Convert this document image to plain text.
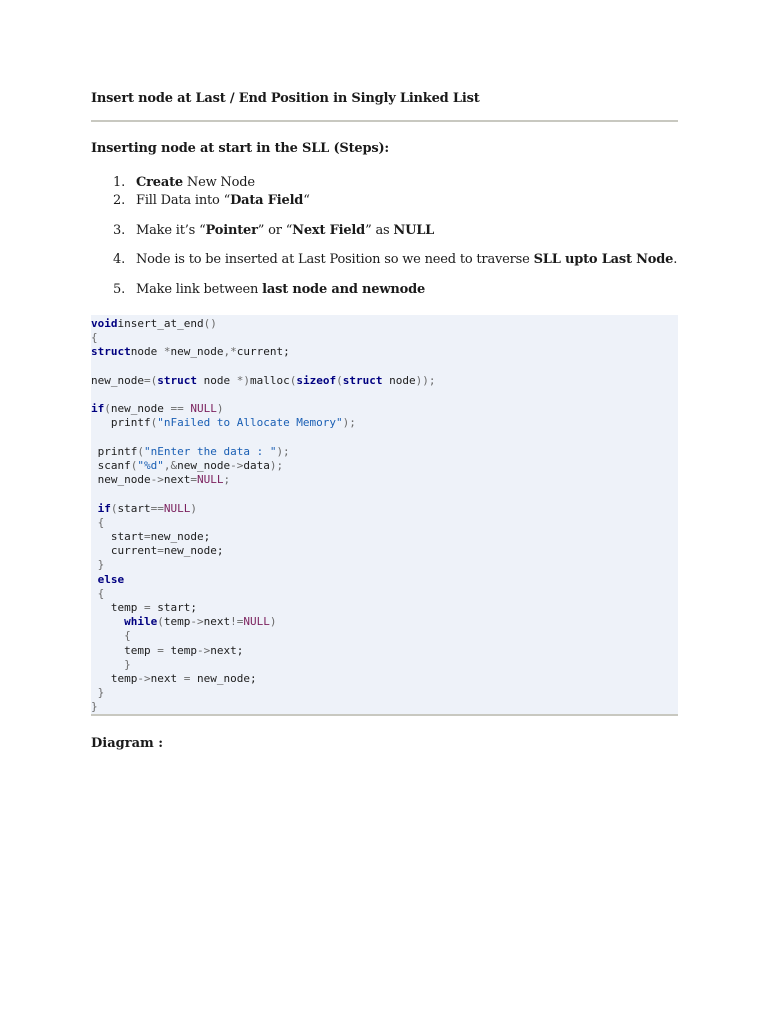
Insert node at Last / End Position in Singly Linked List
Inserting node at start in the SLL (Steps):
1. Create New Node
2. Fill Data into “Data Field“
3. Make it’s “Pointer” or “Next Field” as NULL
4. Node is to be inserted at Last Position so we need to traverse SLL upto Last Node.
5. Make link between last node and newnode
voidinsert_at_end()
{
structnode *new_node,*current;
new_node=(struct node *)malloc(sizeof(struct node));
if(new_node == NULL)
printf("nFailed to Allocate Memory");
printf("nEnter the data : ");
scanf("%d",&new_node->data);
new_node->next=NULL;
if(start==NULL)
{
start=new_node;
current=new_node;
}
else
{
temp = start;
while(temp->next!=NULL)
{
temp = temp->next;
}
temp->next = new_node;
}
}
Diagram :
